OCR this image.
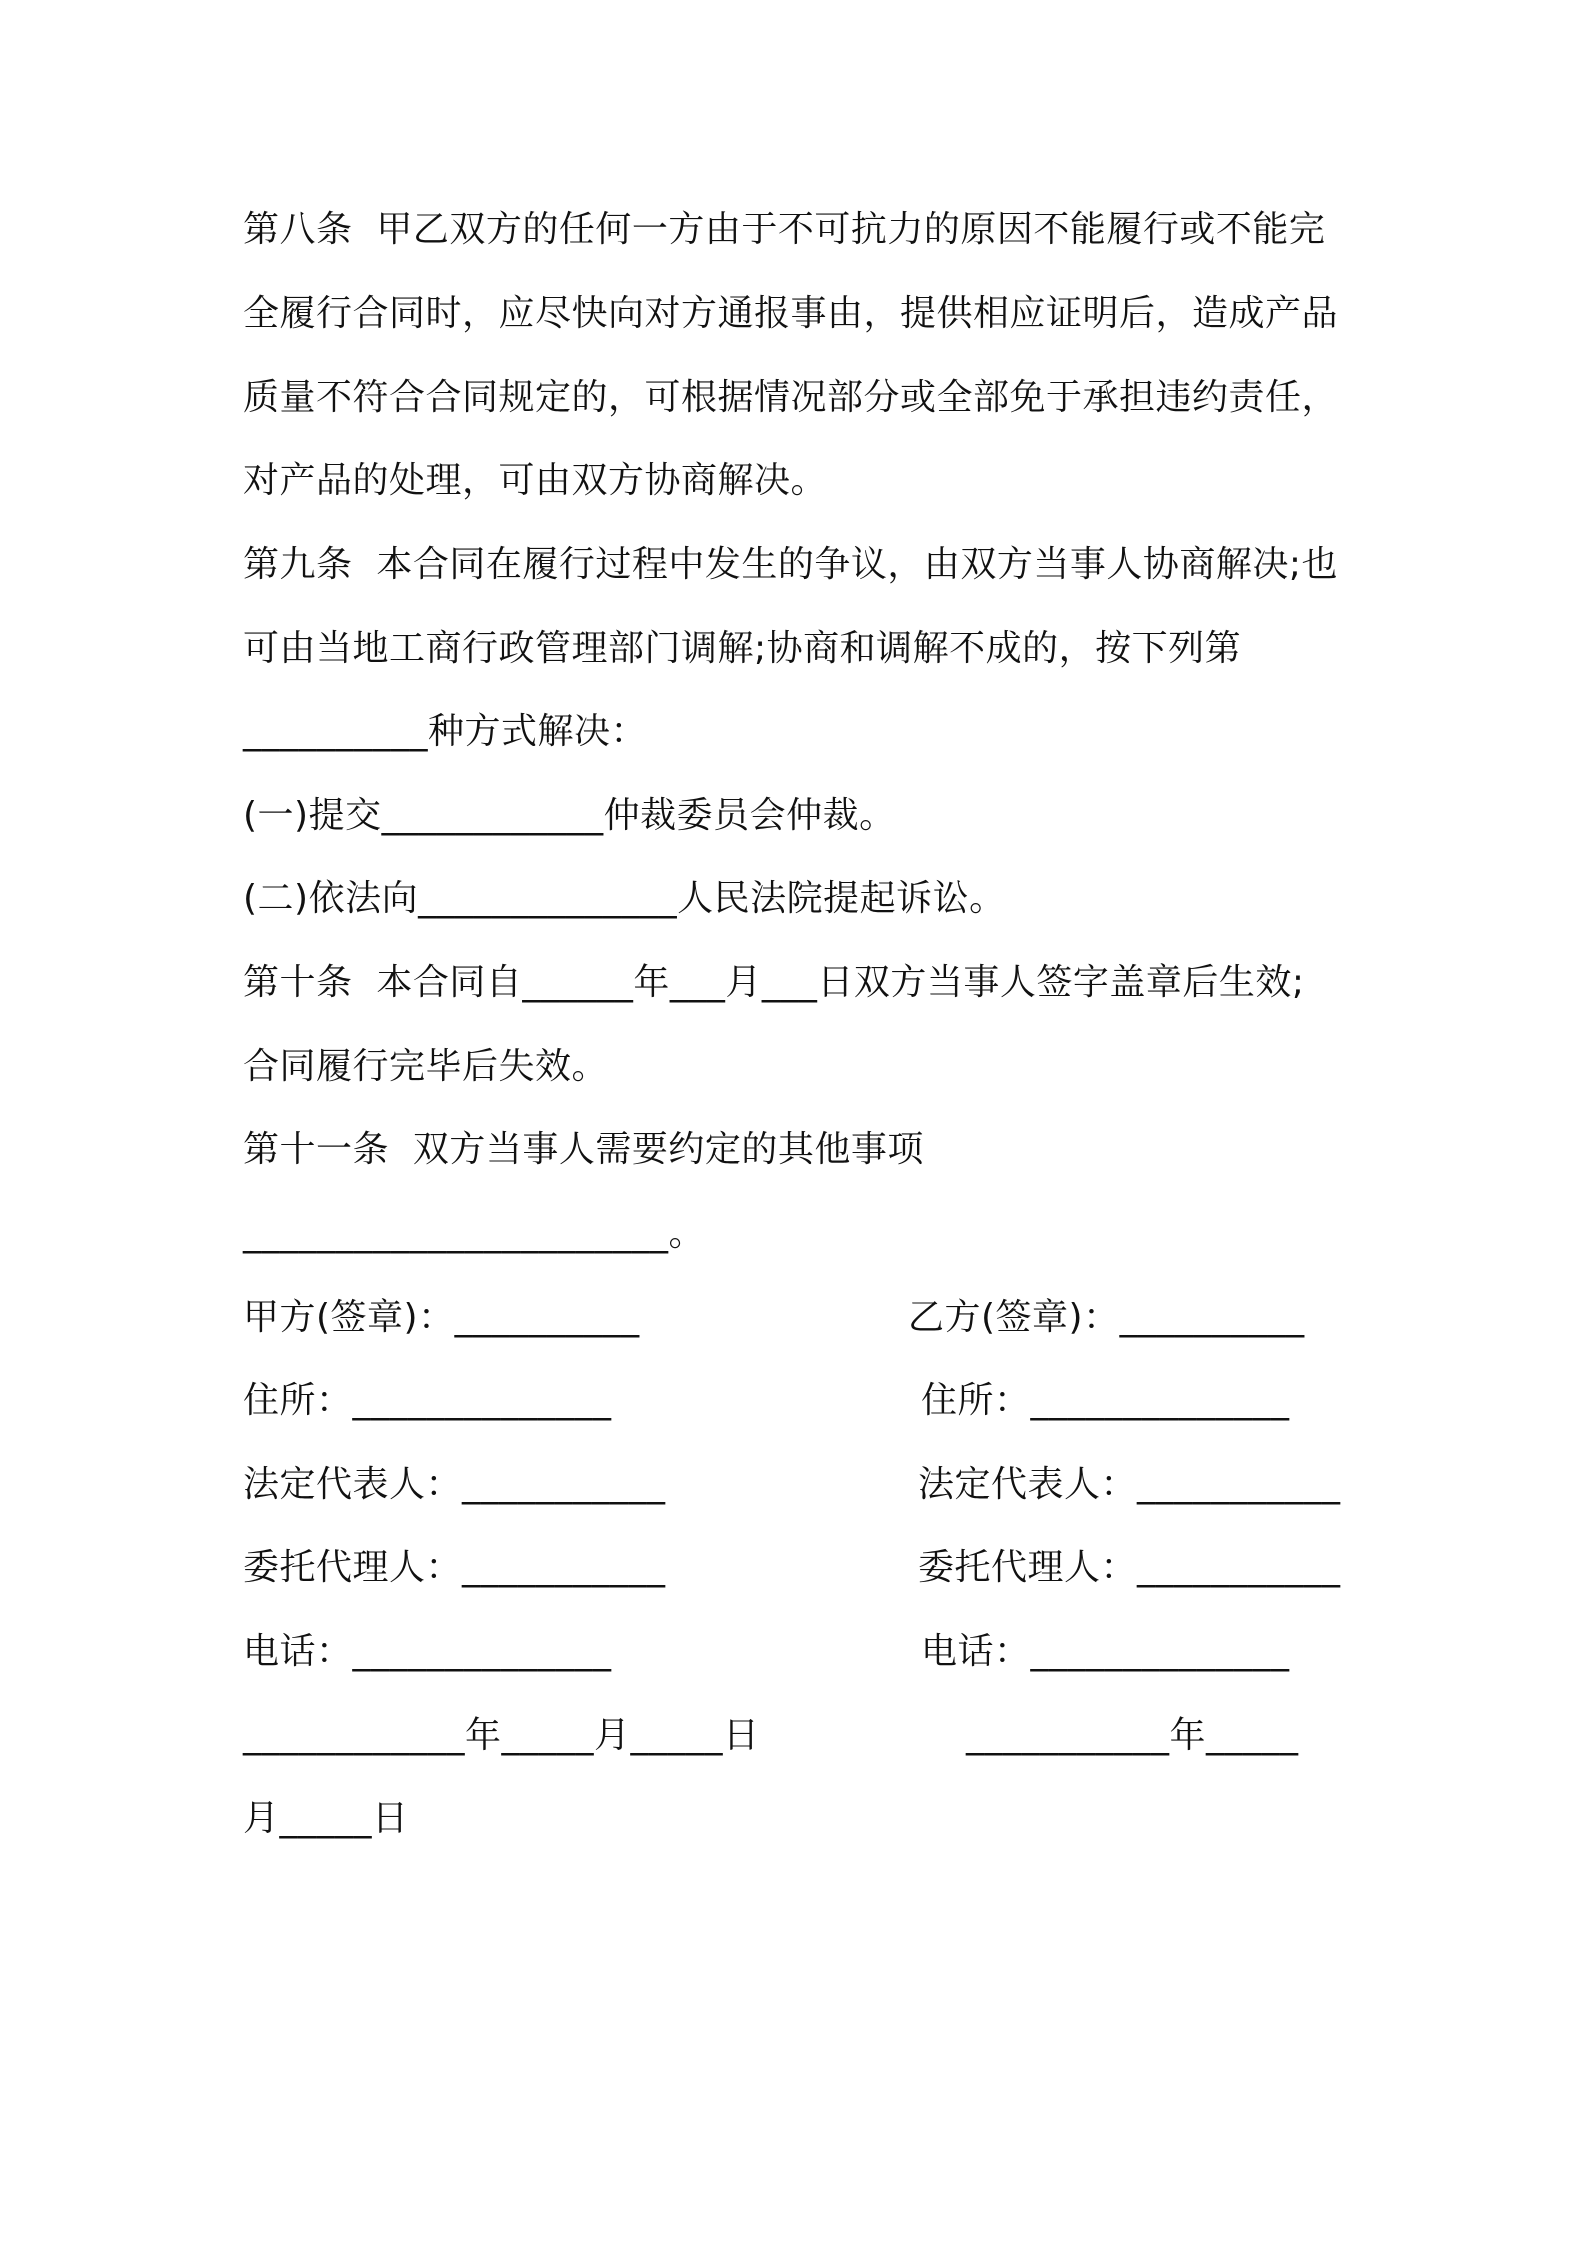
第八条  甲乙双方的任何一方由于不可抗力的原因不能履行或不能完
全履行合同时，应尽快向对方通报事由，提供相应证明后，造成产品
质量不符合合同规定的，可根据情况部分或全部免于承担违约责任，
对产品的处理，可由双方协商解决。
第九条  本合同在履行过程中发生的争议，由双方当事人协商解决;也
可由当地工商行政管理部门调解;协商和调解不成的，按下列第
__________种方式解决：
(一)提交____________仲裁委员会仲裁。
(二)依法向______________人民法院提起诉讼。
第十条  本合同自______年___月___日双方当事人签字盖章后生效;
合同履行完毕后失效。
第十一条  双方当事人需要约定的其他事项
_______________________。
甲方(签章)：__________	乙方(签章)：__________
住所：______________	住所：______________
法定代表人：___________	法定代表人：___________
委托代理人：___________	委托代理人：___________
电话：______________	电话：______________
____________年_____月_____日	___________年_____
月_____日
